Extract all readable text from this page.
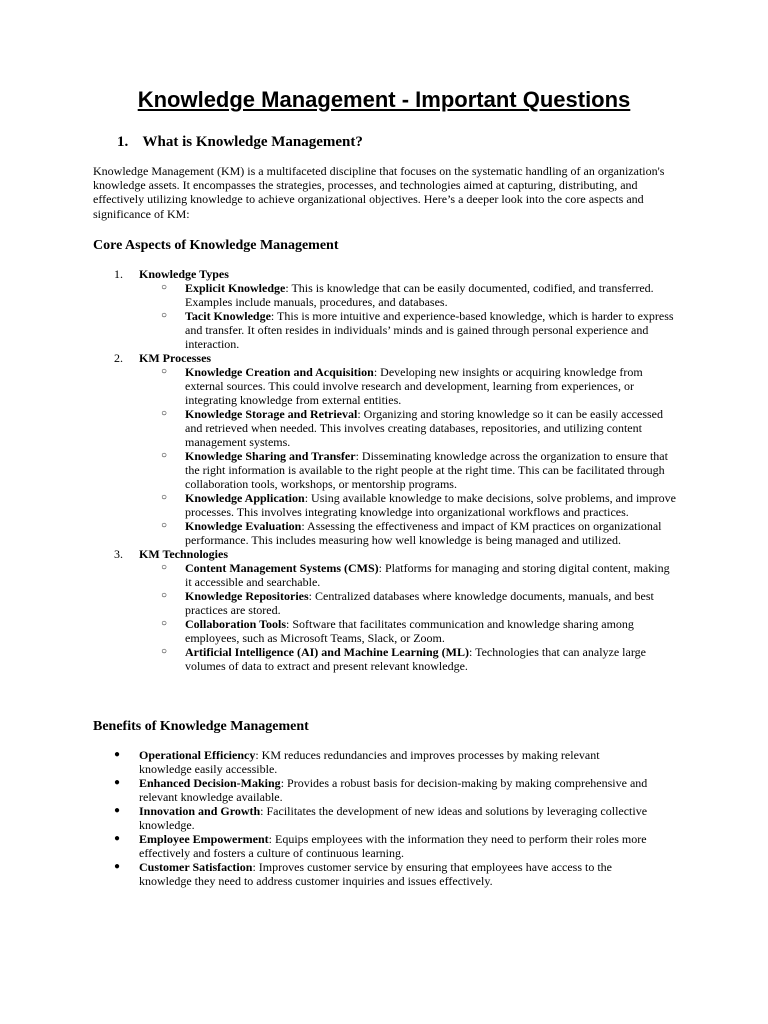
Knowledge Management - Important Questions
1. What is Knowledge Management?

Knowledge Management (KM) is a multifaceted discipline that focuses on the systematic handling of an organization's knowledge assets. It encompasses the strategies, processes, and technologies aimed at capturing, distributing, and effectively utilizing knowledge to achieve organizational objectives. Here’s a deeper look into the core aspects and significance of KM:

Core Aspects of Knowledge Management
1. Knowledge Types
○ Explicit Knowledge: This is knowledge that can be easily documented, codified, and transferred. Examples include manuals, procedures, and databases.
○ Tacit Knowledge: This is more intuitive and experience-based knowledge, which is harder to express and transfer. It often resides in individuals’ minds and is gained through personal experience and interaction.
2. KM Processes
○ Knowledge Creation and Acquisition: Developing new insights or acquiring knowledge from external sources. This could involve research and development, learning from experiences, or integrating knowledge from external entities.
○ Knowledge Storage and Retrieval: Organizing and storing knowledge so it can be easily accessed and retrieved when needed. This involves creating databases, repositories, and utilizing content management systems.
○ Knowledge Sharing and Transfer: Disseminating knowledge across the organization to ensure that the right information is available to the right people at the right time. This can be facilitated through collaboration tools, workshops, or mentorship programs.
○ Knowledge Application: Using available knowledge to make decisions, solve problems, and improve processes. This involves integrating knowledge into organizational workflows and practices.
○ Knowledge Evaluation: Assessing the effectiveness and impact of KM practices on organizational performance. This includes measuring how well knowledge is being managed and utilized.
3. KM Technologies
○ Content Management Systems (CMS): Platforms for managing and storing digital content, making it accessible and searchable.
○ Knowledge Repositories: Centralized databases where knowledge documents, manuals, and best practices are stored.
○ Collaboration Tools: Software that facilitates communication and knowledge sharing among employees, such as Microsoft Teams, Slack, or Zoom.
○ Artificial Intelligence (AI) and Machine Learning (ML): Technologies that can analyze large volumes of data to extract and present relevant knowledge.
Benefits of Knowledge Management
● Operational Efficiency: KM reduces redundancies and improves processes by making relevant knowledge easily accessible.
● Enhanced Decision-Making: Provides a robust basis for decision-making by making comprehensive and relevant knowledge available.
● Innovation and Growth: Facilitates the development of new ideas and solutions by leveraging collective knowledge.
● Employee Empowerment: Equips employees with the information they need to perform their roles more effectively and fosters a culture of continuous learning.
● Customer Satisfaction: Improves customer service by ensuring that employees have access to the knowledge they need to address customer inquiries and issues effectively.
